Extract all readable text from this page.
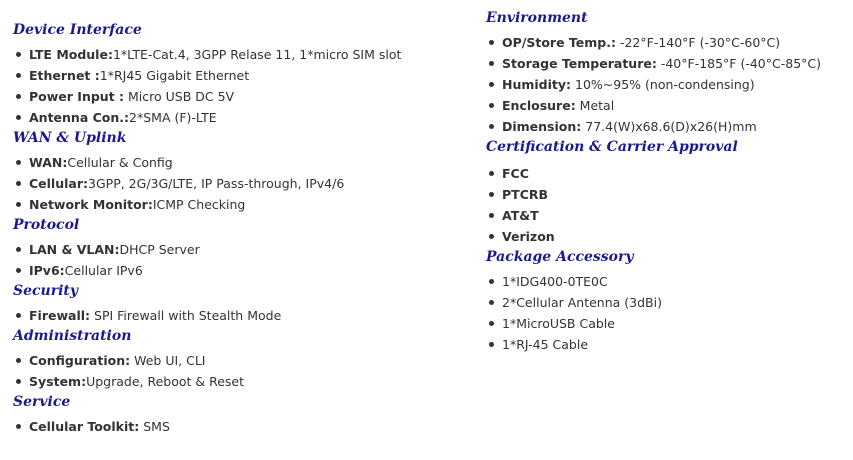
Device Interface
LTE Module:1*LTE-Cat.4, 3GPP Relase 11, 1*micro SIM slot
Ethernet :1*RJ45 Gigabit Ethernet
Power Input : Micro USB DC 5V
Antenna Con.:2*SMA (F)-LTE
WAN & Uplink
WAN:Cellular & Config
Cellular:3GPP, 2G/3G/LTE, IP Pass-through, IPv4/6
Network Monitor:ICMP Checking
Protocol
LAN & VLAN:DHCP Server
IPv6:Cellular IPv6
Security
Firewall: SPI Firewall with Stealth Mode
Administration
Configuration: Web UI, CLI
System:Upgrade, Reboot & Reset
Service
Cellular Toolkit: SMS
Environment
OP/Store Temp.: -22°F-140°F (-30°C-60°C)
Storage Temperature: -40°F-185°F (-40°C-85°C)
Humidity: 10%~95% (non-condensing)
Enclosure: Metal
Dimension: 77.4(W)x68.6(D)x26(H)mm
Certification & Carrier Approval
FCC
PTCRB
AT&T
Verizon
Package Accessory
1*IDG400-0TE0C
2*Cellular Antenna (3dBi)
1*MicroUSB Cable
1*RJ-45 Cable
